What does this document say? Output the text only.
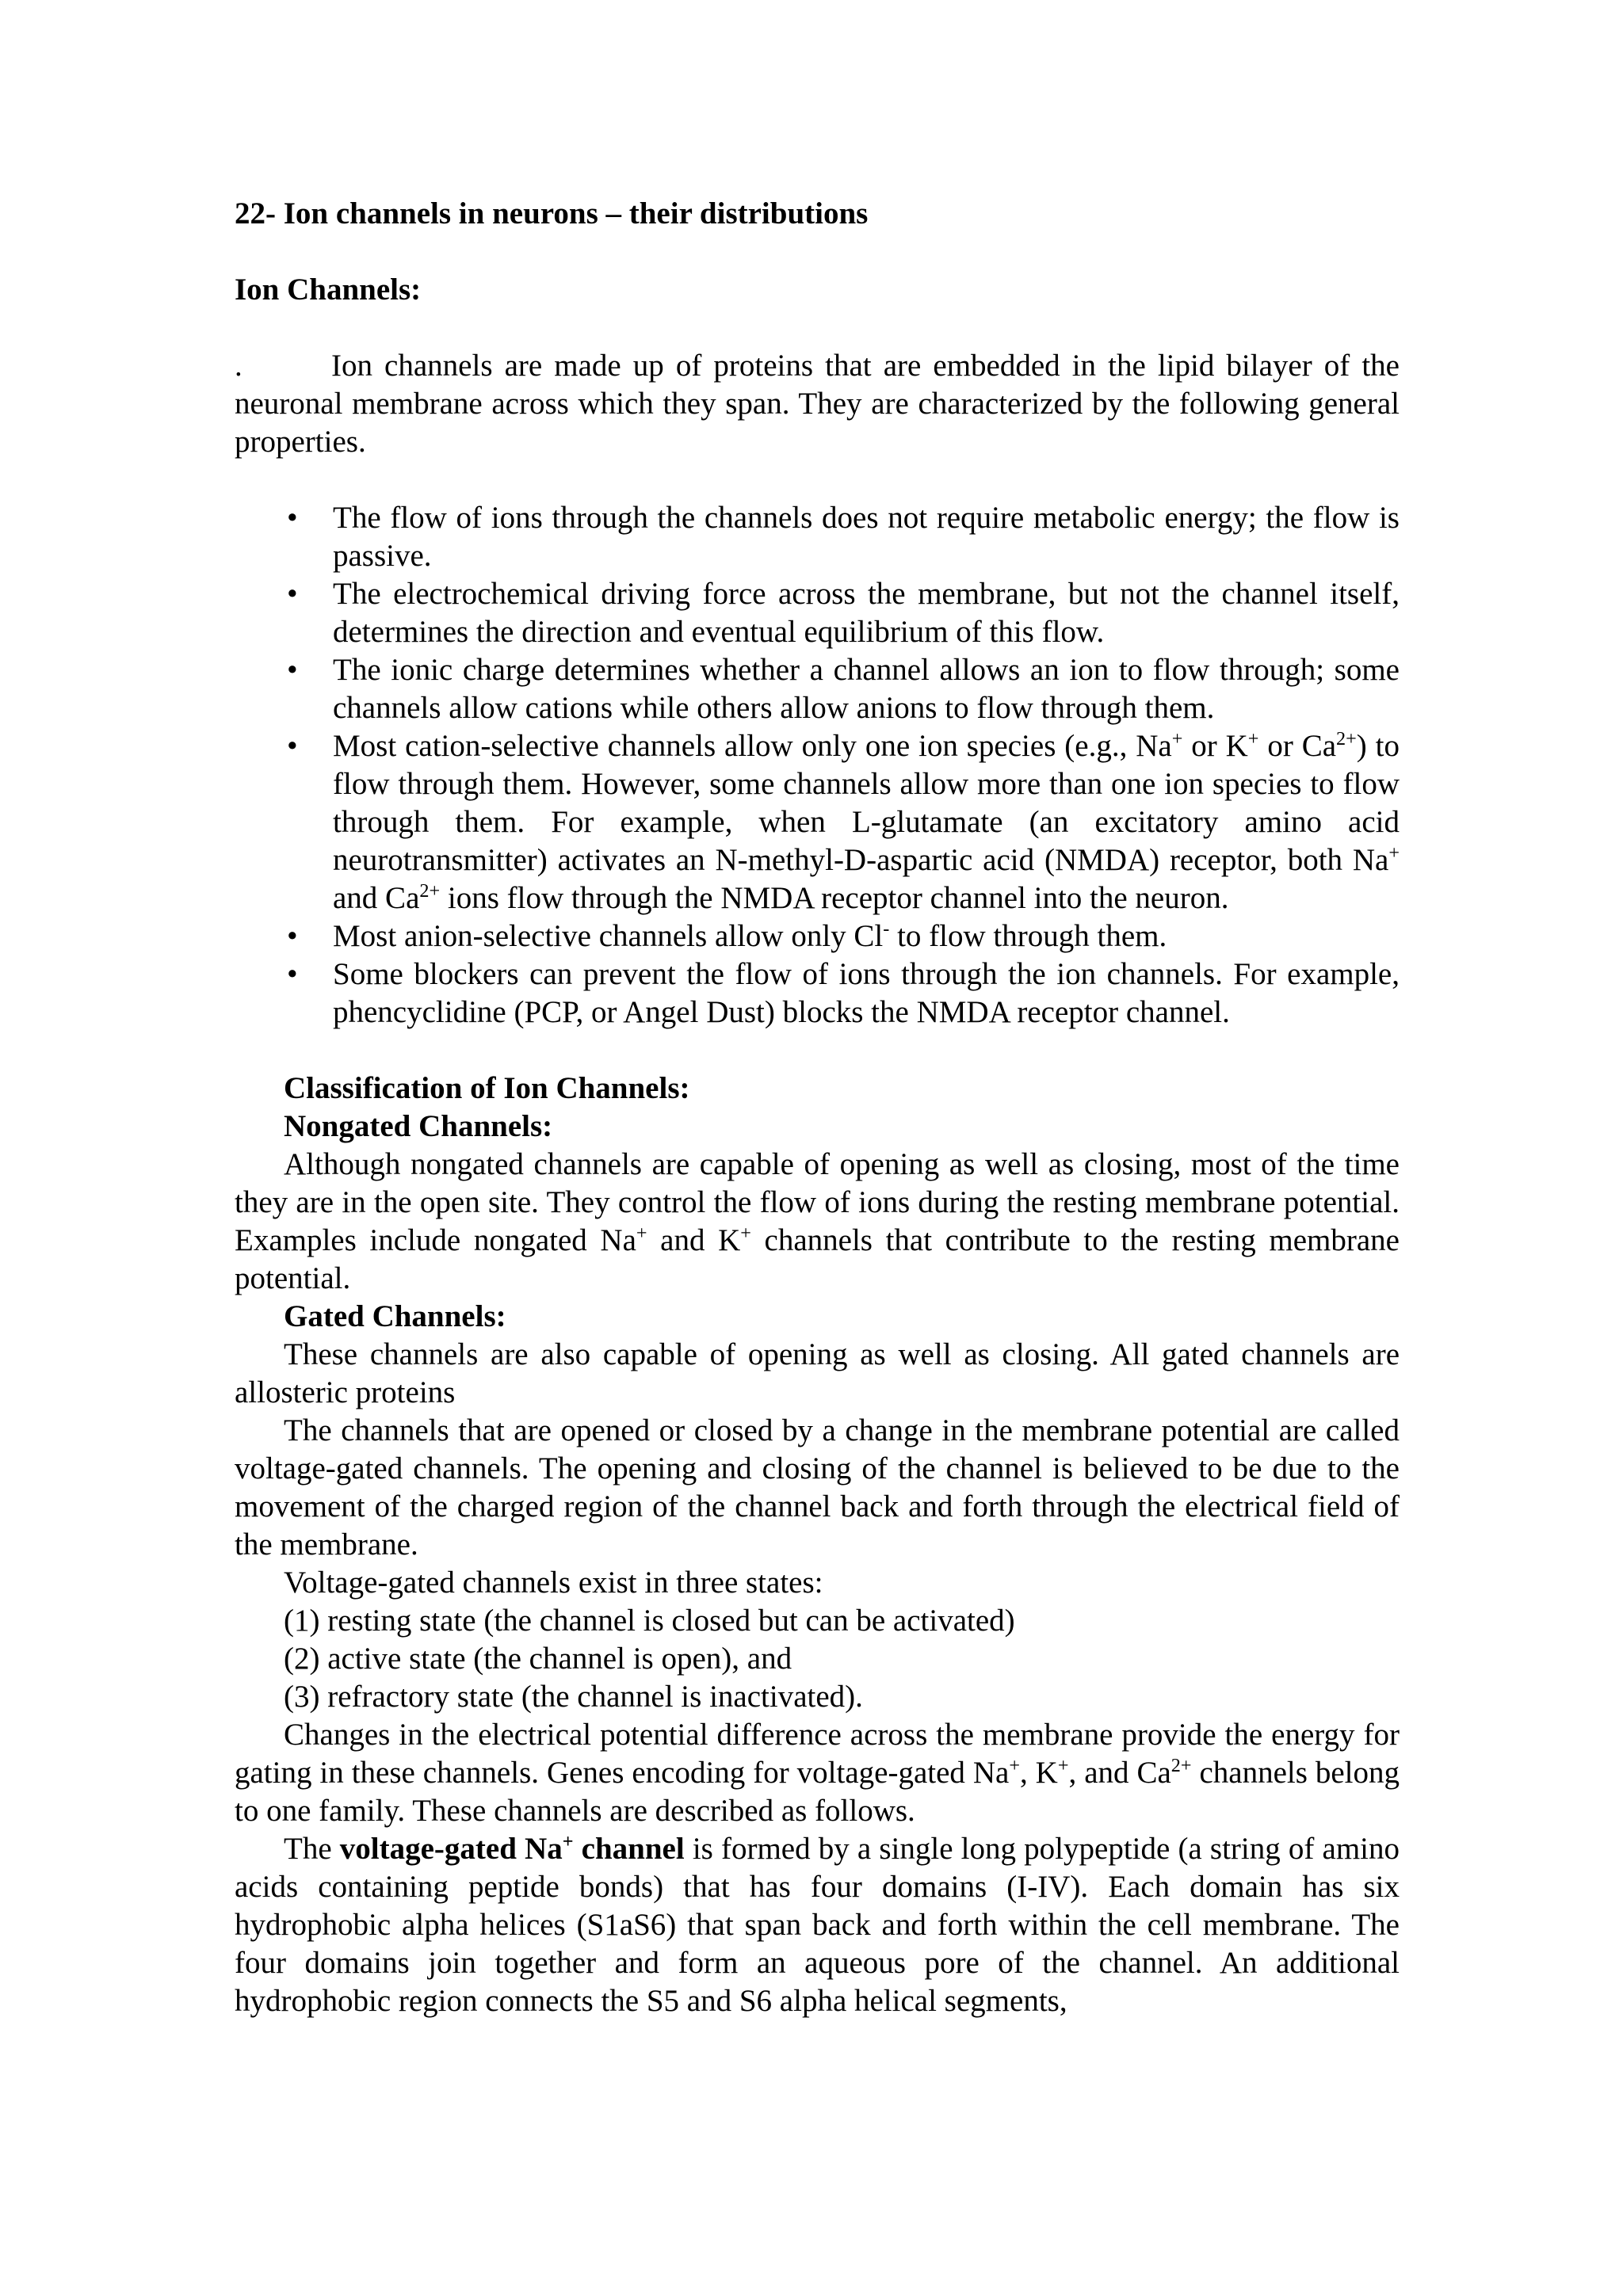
22- Ion channels in neurons – their distributions

Ion Channels:

.	Ion channels are made up of proteins that are embedded in the lipid bilayer of the neuronal membrane across which they span. They are characterized by the following general properties.

• The flow of ions through the channels does not require metabolic energy; the flow is passive.
• The electrochemical driving force across the membrane, but not the channel itself, determines the direction and eventual equilibrium of this flow.
• The ionic charge determines whether a channel allows an ion to flow through; some channels allow cations while others allow anions to flow through them.
• Most cation-selective channels allow only one ion species (e.g., Na+ or K+ or $Ca^{2+}$) to flow through them. However, some channels allow more than one ion species to flow through them. For example, when L-glutamate (an excitatory amino acid neurotransmitter) activates an N-methyl-D-aspartic acid (NMDA) receptor, both Na+ and $Ca^{2+}$ ions flow through the NMDA receptor channel into the neuron.
• Most anion-selective channels allow only Cl- to flow through them.
• Some blockers can prevent the flow of ions through the ion channels. For example, phencyclidine (PCP, or Angel Dust) blocks the NMDA receptor channel.

Classification of Ion Channels:

Nongated Channels:

Although nongated channels are capable of opening as well as closing, most of the time they are in the open site. They control the flow of ions during the resting membrane potential. Examples include nongated Na+ and K+ channels that contribute to the resting membrane potential.

Gated Channels:

These channels are also capable of opening as well as closing. All gated channels are allosteric proteins

The channels that are opened or closed by a change in the membrane potential are called voltage-gated channels. The opening and closing of the channel is believed to be due to the movement of the charged region of the channel back and forth through the electrical field of the membrane.

Voltage-gated channels exist in three states:

(1) resting state (the channel is closed but can be activated)

(2) active state (the channel is open), and

(3) refractory state (the channel is inactivated).

Changes in the electrical potential difference across the membrane provide the energy for gating in these channels. Genes encoding for voltage-gated Na+, K+, and $Ca^{2+}$ channels belong to one family. These channels are described as follows.

The voltage-gated Na+ channel is formed by a single long polypeptide (a string of amino acids containing peptide bonds) that has four domains (I-IV). Each domain has six hydrophobic alpha helices (S1aS6) that span back and forth within the cell membrane. The four domains join together and form an aqueous pore of the channel. An additional hydrophobic region connects the S5 and S6 alpha helical segments,
